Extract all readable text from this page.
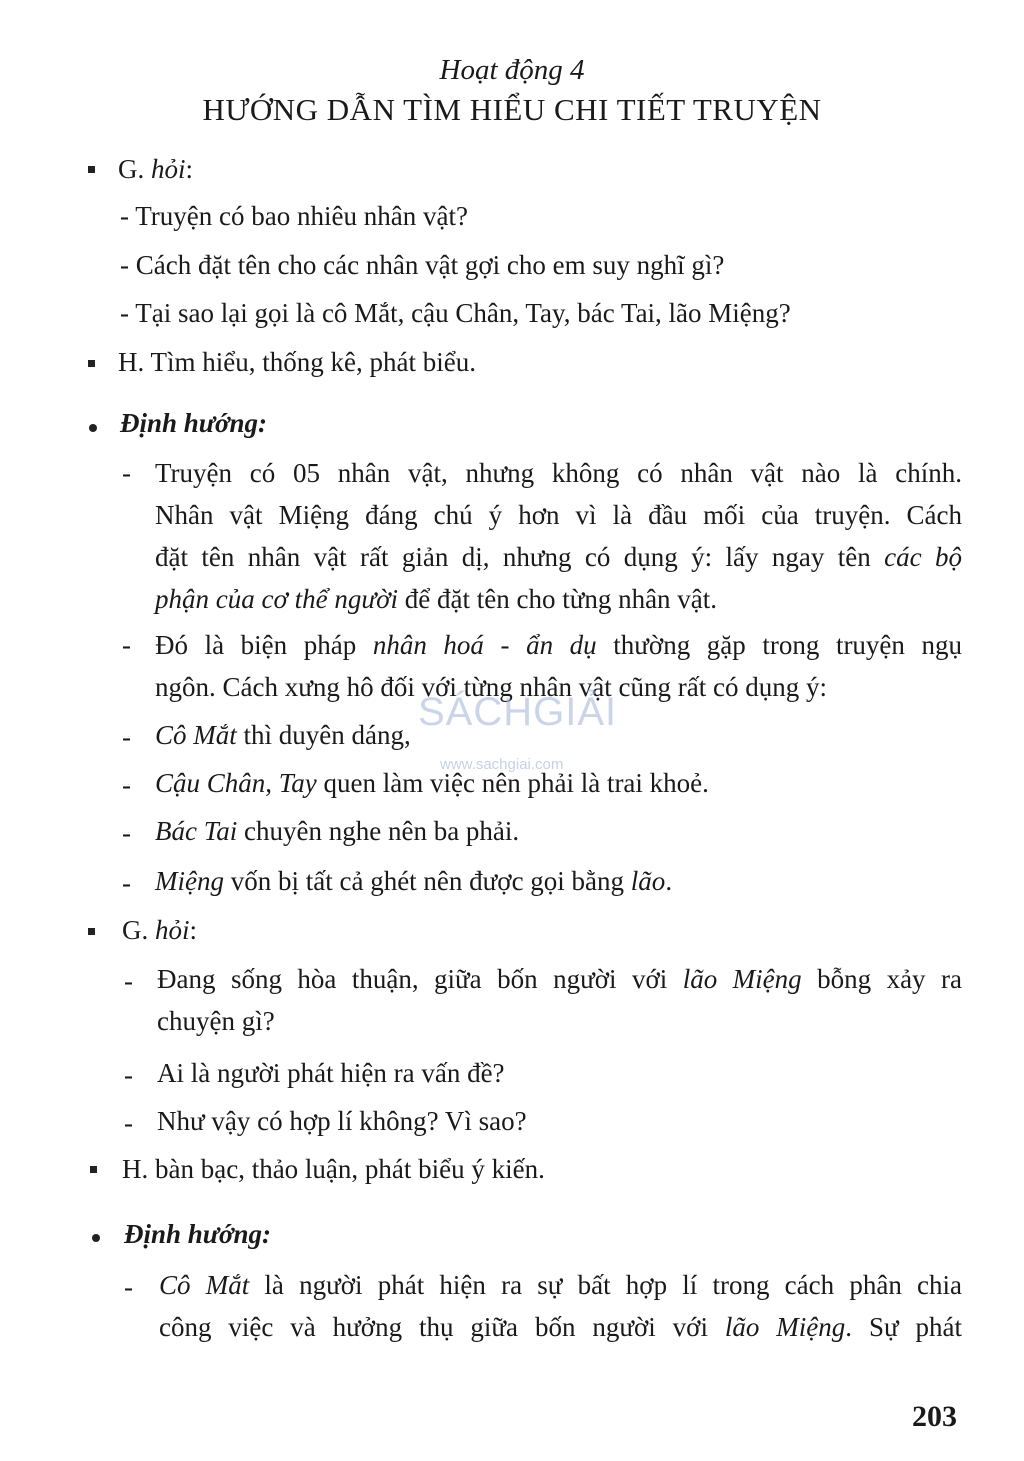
Hoạt động 4
HƯỚNG DẪN TÌM HIỂU CHI TIẾT TRUYỆN
G. hỏi:
- Truyện có bao nhiêu nhân vật?
- Cách đặt tên cho các nhân vật gợi cho em suy nghĩ gì?
- Tại sao lại gọi là cô Mắt, cậu Chân, Tay, bác Tai, lão Miệng?
H. Tìm hiểu, thống kê, phát biểu.
Định hướng:
- Truyện có 05 nhân vật, nhưng không có nhân vật nào là chính.
Nhân vật Miệng đáng chú ý hơn vì là đầu mối của truyện. Cách
đặt tên nhân vật rất giản dị, nhưng có dụng ý: lấy ngay tên các bộ
phận của cơ thể người để đặt tên cho từng nhân vật.
- Đó là biện pháp nhân hoá - ẩn dụ thường gặp trong truyện ngụ
ngôn. Cách xưng hô đối với từng nhân vật cũng rất có dụng ý:
- Cô Mắt thì duyên dáng,
- Cậu Chân, Tay quen làm việc nên phải là trai khoẻ.
- Bác Tai chuyên nghe nên ba phải.
- Miệng vốn bị tất cả ghét nên được gọi bằng lão.
G. hỏi:
- Đang sống hòa thuận, giữa bốn người với lão Miệng bỗng xảy ra
chuyện gì?
- Ai là người phát hiện ra vấn đề?
- Như vậy có hợp lí không? Vì sao?
H. bàn bạc, thảo luận, phát biểu ý kiến.
Định hướng:
- Cô Mắt là người phát hiện ra sự bất hợp lí trong cách phân chia
công việc và hưởng thụ giữa bốn người với lão Miệng. Sự phát
SÁCHGIẢI
www.sachgiai.com
203
